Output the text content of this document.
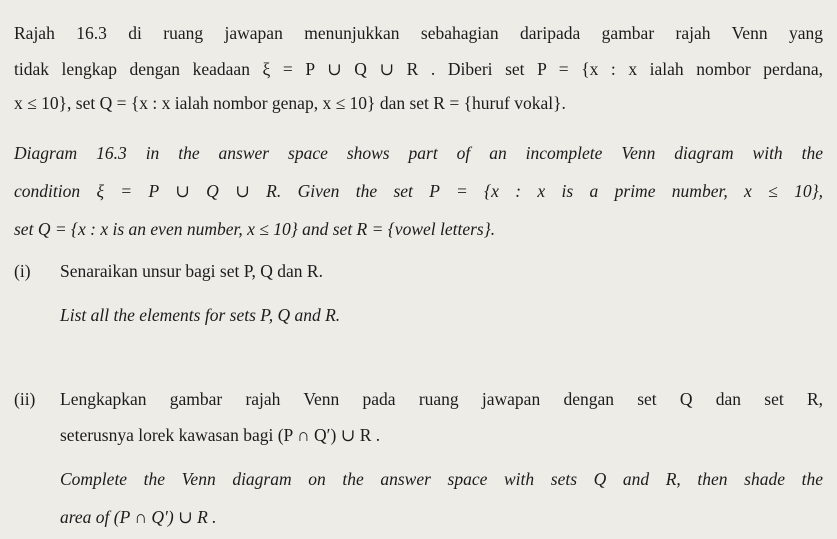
Rajah 16.3 di ruang jawapan menunjukkan sebahagian daripada gambar rajah Venn yang
tidak lengkap dengan keadaan ξ = P ∪ Q ∪ R . Diberi set P = {x : x ialah nombor perdana,
x ≤ 10}, set Q = {x : x ialah nombor genap, x ≤ 10} dan set R = {huruf vokal}.
Diagram 16.3 in the answer space shows part of an incomplete Venn diagram with the
condition ξ = P ∪ Q ∪ R. Given the set P = {x : x is a prime number, x ≤ 10},
set Q = {x : x is an even number, x ≤ 10} and set R = {vowel letters}.
(i) Senaraikan unsur bagi set P, Q dan R.
List all the elements for sets P, Q and R.
(ii) Lengkapkan gambar rajah Venn pada ruang jawapan dengan set Q dan set R,
seterusnya lorek kawasan bagi (P ∩ Q′) ∪ R .
Complete the Venn diagram on the answer space with sets Q and R, then shade the
area of (P ∩ Q′) ∪ R .
